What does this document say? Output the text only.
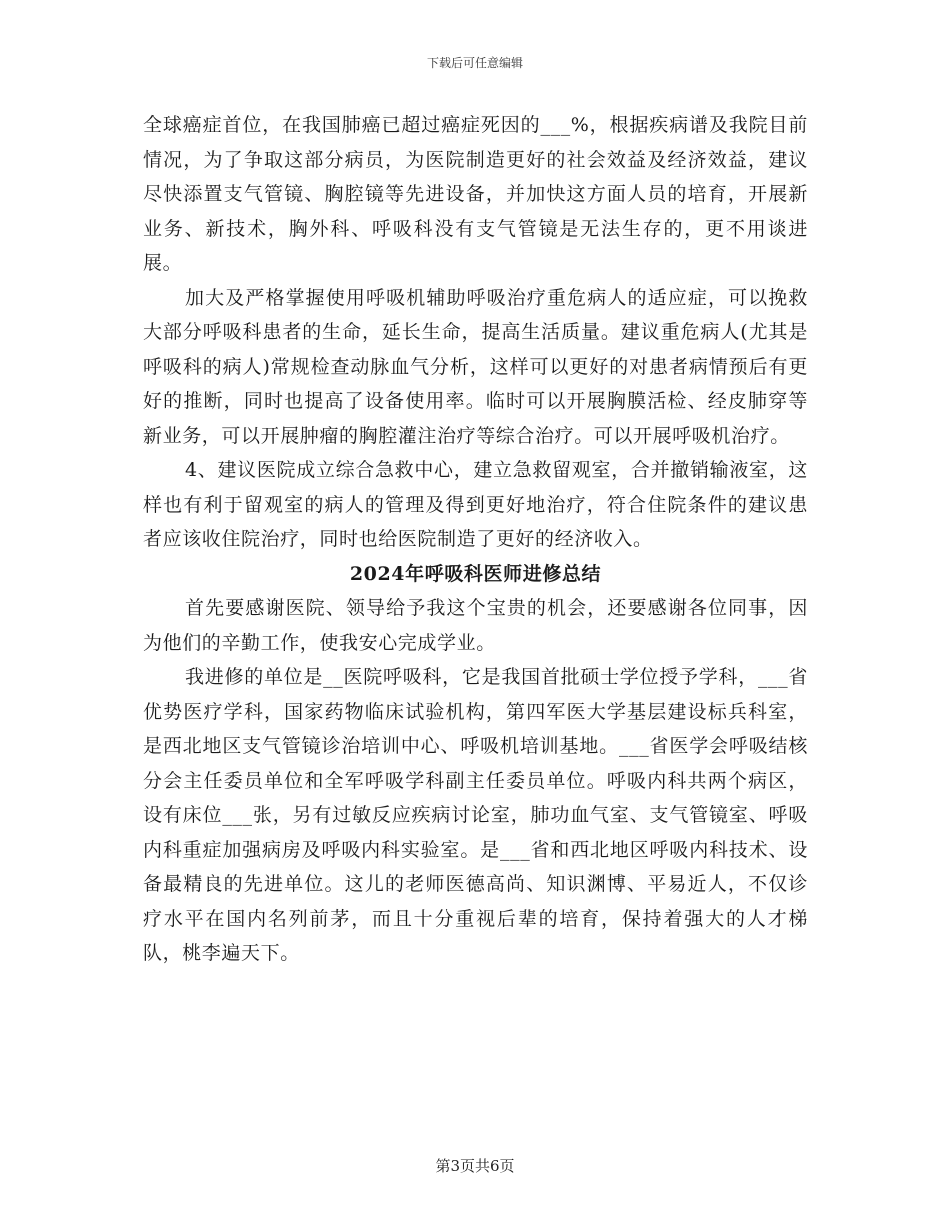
下载后可任意编辑

全球癌症首位，在我国肺癌已超过癌症死因的___%，根据疾病谱及我院目前情况，为了争取这部分病员，为医院制造更好的社会效益及经济效益，建议尽快添置支气管镜、胸腔镜等先进设备，并加快这方面人员的培育，开展新业务、新技术，胸外科、呼吸科没有支气管镜是无法生存的，更不用谈进展。

加大及严格掌握使用呼吸机辅助呼吸治疗重危病人的适应症，可以挽救大部分呼吸科患者的生命，延长生命，提高生活质量。建议重危病人(尤其是呼吸科的病人)常规检查动脉血气分析，这样可以更好的对患者病情预后有更好的推断，同时也提高了设备使用率。临时可以开展胸膜活检、经皮肺穿等新业务，可以开展肿瘤的胸腔灌注治疗等综合治疗。可以开展呼吸机治疗。

4、建议医院成立综合急救中心，建立急救留观室，合并撤销输液室，这样也有利于留观室的病人的管理及得到更好地治疗，符合住院条件的建议患者应该收住院治疗，同时也给医院制造了更好的经济收入。

2024年呼吸科医师进修总结

首先要感谢医院、领导给予我这个宝贵的机会，还要感谢各位同事，因为他们的辛勤工作，使我安心完成学业。

我进修的单位是__医院呼吸科，它是我国首批硕士学位授予学科，___省优势医疗学科，国家药物临床试验机构，第四军医大学基层建设标兵科室，是西北地区支气管镜诊治培训中心、呼吸机培训基地。___省医学会呼吸结核分会主任委员单位和全军呼吸学科副主任委员单位。呼吸内科共两个病区，设有床位___张，另有过敏反应疾病讨论室，肺功血气室、支气管镜室、呼吸内科重症加强病房及呼吸内科实验室。是___省和西北地区呼吸内科技术、设备最精良的先进单位。这儿的老师医德高尚、知识渊博、平易近人，不仅诊疗水平在国内名列前茅，而且十分重视后辈的培育，保持着强大的人才梯队，桃李遍天下。

第3页共6页
